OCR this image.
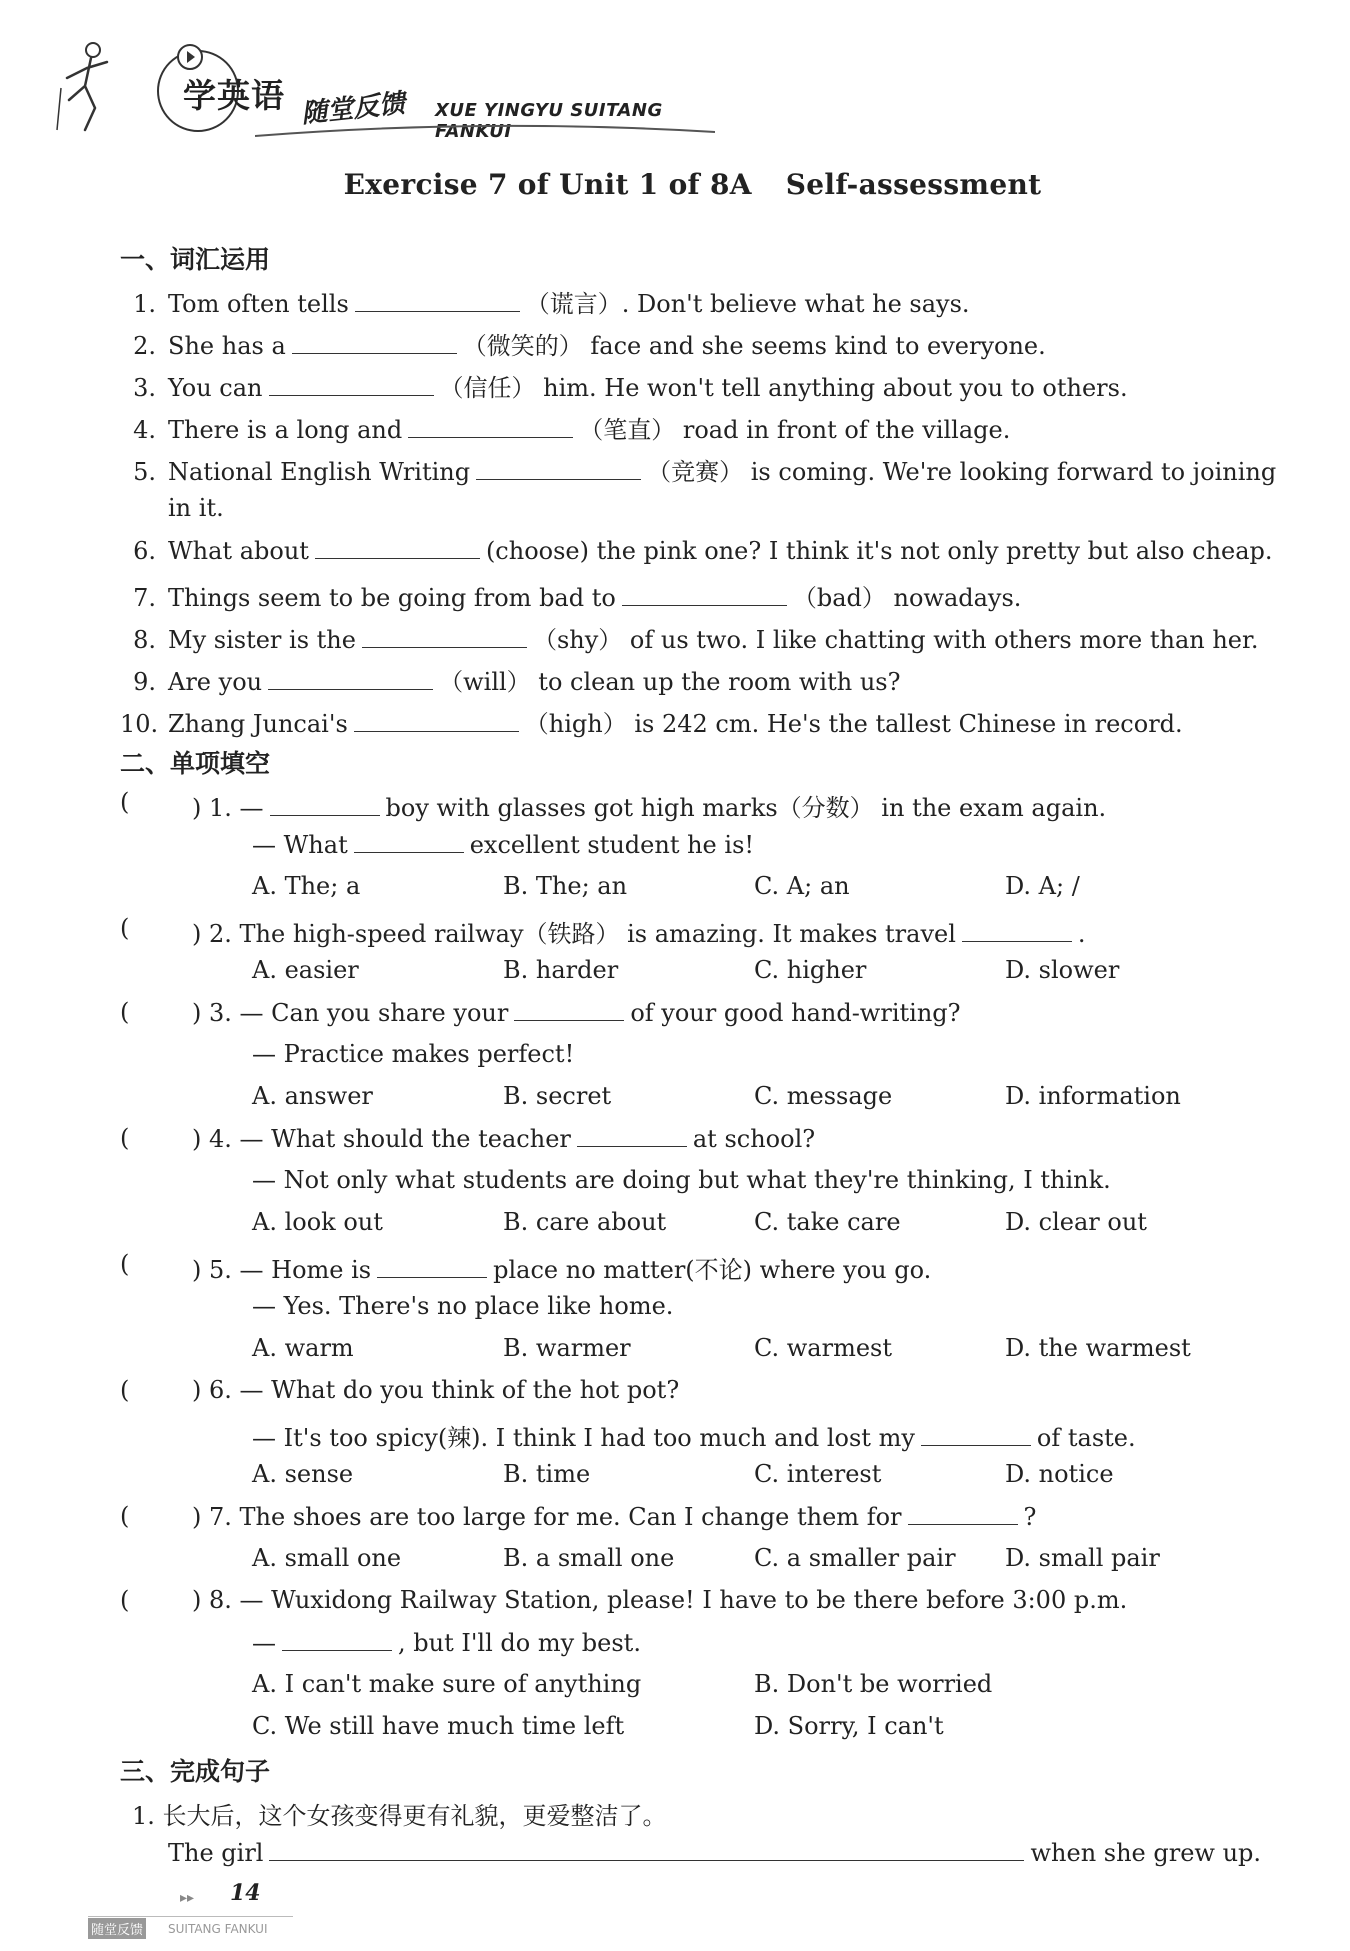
学英语 随堂反馈 XUE YINGYU SUITANG FANKUI
Exercise 7 of Unit 1 of 8A Self-assessment
一、词汇运用
1. Tom often tells	（谎言）. Don't believe what he says.
2. She has a	（微笑的） face and she seems kind to everyone.
3. You can	（信任） him. He won't tell anything about you to others.
4. There is a long and	（笔直） road in front of the village.
5. National English Writing	（竞赛） is coming. We're looking forward to joining
in it.
6. What about	(choose) the pink one? I think it's not only pretty but also cheap.
7. Things seem to be going from bad to	（bad） nowadays.
8. My sister is the	（shy） of us two. I like chatting with others more than her.
9. Are you	（will） to clean up the room with us?
10. Zhang Juncai's	（high） is 242 cm. He's the tallest Chinese in record.
二、单项填空
(	) 1. —	boy with glasses got high marks（分数） in the exam again.
— What	excellent student he is!
A. The; a	B. The; an	C. A; an	D. A; /
(	) 2. The high-speed railway（铁路） is amazing. It makes travel	.
A. easier	B. harder	C. higher	D. slower
(	) 3. — Can you share your	of your good hand-writing?
— Practice makes perfect!
A. answer	B. secret	C. message	D. information
(	) 4. — What should the teacher	at school?
— Not only what students are doing but what they're thinking, I think.
A. look out	B. care about	C. take care	D. clear out
(	) 5. — Home is	place no matter(不论) where you go.
— Yes. There's no place like home.
A. warm	B. warmer	C. warmest	D. the warmest
(	) 6. — What do you think of the hot pot?
— It's too spicy(辣). I think I had too much and lost my	of taste.
A. sense	B. time	C. interest	D. notice
(	) 7. The shoes are too large for me. Can I change them for	?
A. small one	B. a small one	C. a smaller pair D. small pair
(	) 8. — Wuxidong Railway Station, please! I have to be there before 3:00 p.m.
—	, but I'll do my best.
A. I can't make sure of anything	B. Don't be worried
C. We still have much time left	D. Sorry, I can't
三、完成句子
1. 长大后，这个女孩变得更有礼貌，更爱整洁了。
The girl	when she grew up.
▸▸ 14
随堂反馈 SUITANG FANKUI
